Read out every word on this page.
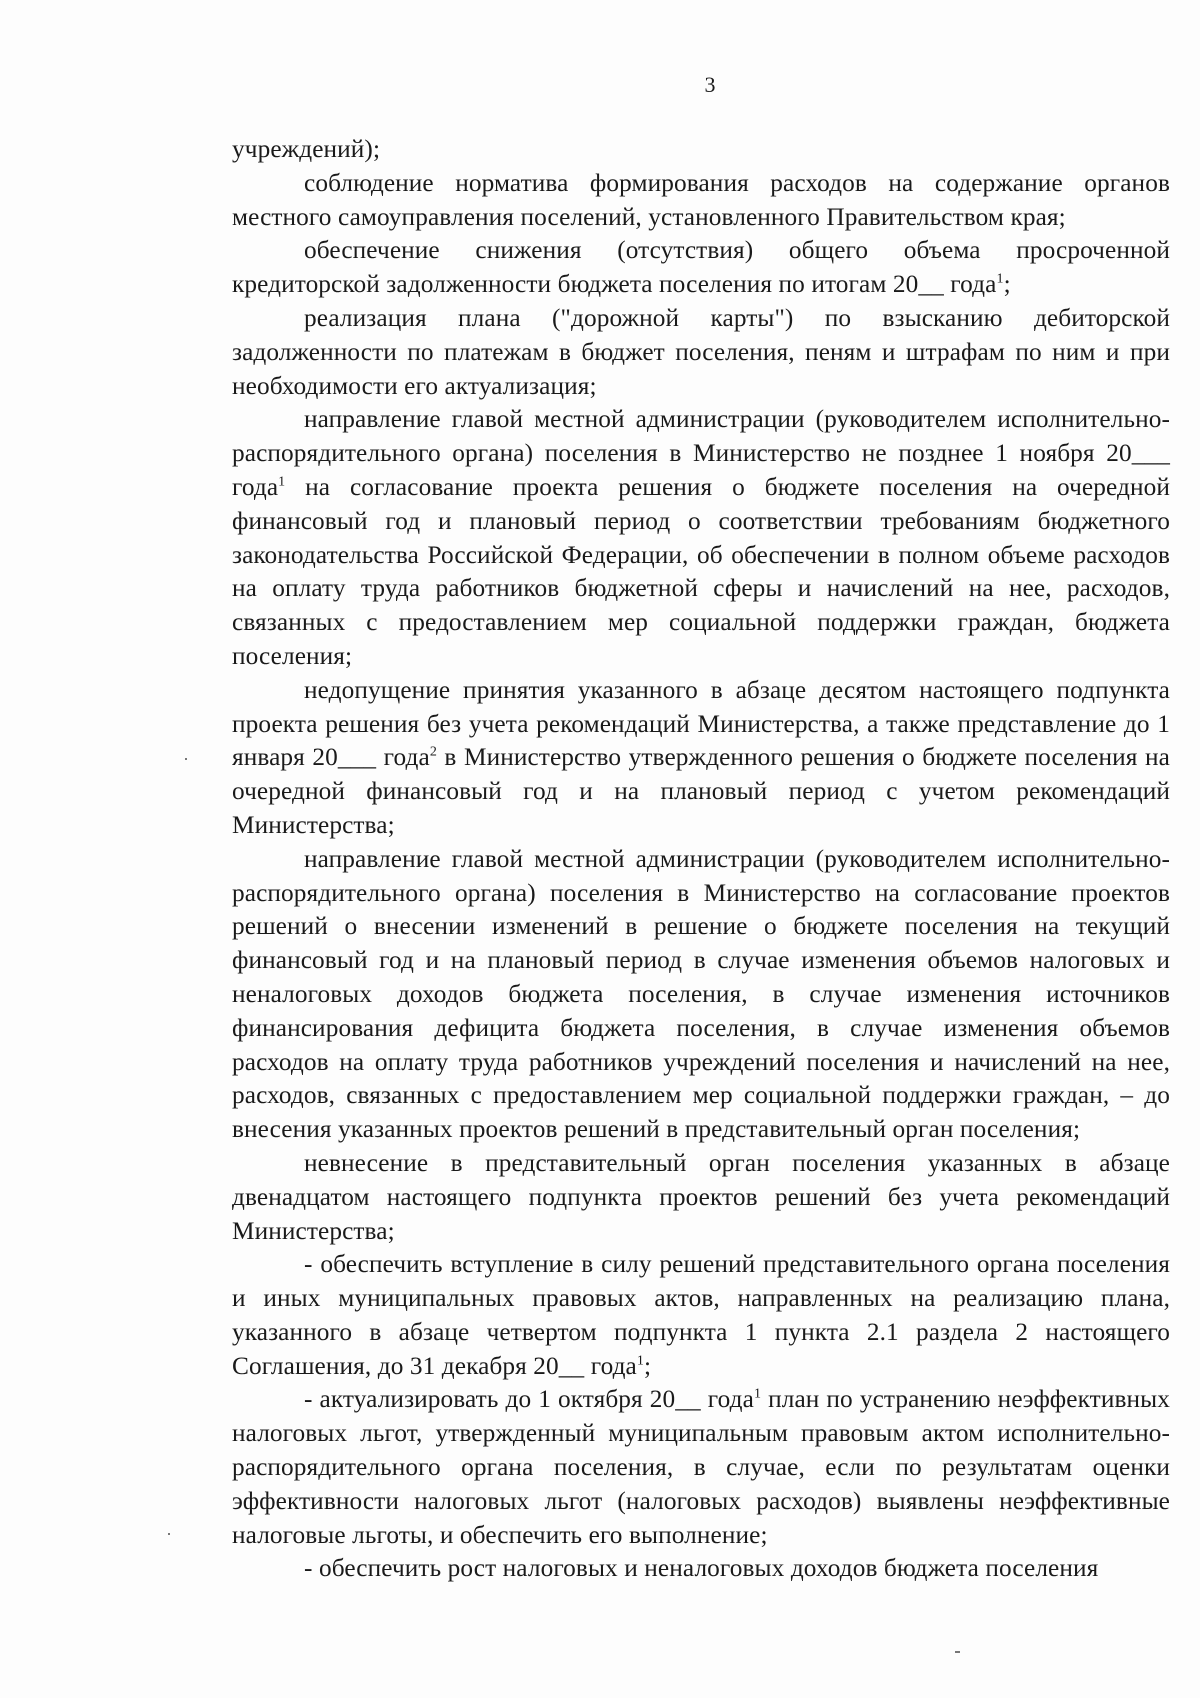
3

учреждений);

соблюдение норматива формирования расходов на содержание органов местного самоуправления поселений, установленного Правительством края;

обеспечение снижения (отсутствия) общего объема просроченной кредиторской задолженности бюджета поселения по итогам 20__ года$^1$;

реализация плана ("дорожной карты") по взысканию дебиторской задолженности по платежам в бюджет поселения, пеням и штрафам по ним и при необходимости его актуализация;

направление главой местной администрации (руководителем исполнительно-распорядительного органа) поселения в Министерство не позднее 1 ноября 20___ года$^1$ на согласование проекта решения о бюджете поселения на очередной финансовый год и плановый период о соответствии требованиям бюджетного законодательства Российской Федерации, об обеспечении в полном объеме расходов на оплату труда работников бюджетной сферы и начислений на нее, расходов, связанных с предоставлением мер социальной поддержки граждан, бюджета поселения;

недопущение принятия указанного в абзаце десятом настоящего подпункта проекта решения без учета рекомендаций Министерства, а также представление до 1 января 20___ года$^2$ в Министерство утвержденного решения о бюджете поселения на очередной финансовый год и на плановый период с учетом рекомендаций Министерства;

направление главой местной администрации (руководителем исполнительно-распорядительного органа) поселения в Министерство на согласование проектов решений о внесении изменений в решение о бюджете поселения на текущий финансовый год и на плановый период в случае изменения объемов налоговых и неналоговых доходов бюджета поселения, в случае изменения источников финансирования дефицита бюджета поселения, в случае изменения объемов расходов на оплату труда работников учреждений поселения и начислений на нее, расходов, связанных с предоставлением мер социальной поддержки граждан, – до внесения указанных проектов решений в представительный орган поселения;

невнесение в представительный орган поселения указанных в абзаце двенадцатом настоящего подпункта проектов решений без учета рекомендаций Министерства;

- обеспечить вступление в силу решений представительного органа поселения и иных муниципальных правовых актов, направленных на реализацию плана, указанного в абзаце четвертом подпункта 1 пункта 2.1 раздела 2 настоящего Соглашения, до 31 декабря 20__ года$^1$;

- актуализировать до 1 октября 20__ года$^1$ план по устранению неэффективных налоговых льгот, утвержденный муниципальным правовым актом исполнительно-распорядительного органа поселения, в случае, если по результатам оценки эффективности налоговых льгот (налоговых расходов) выявлены неэффективные налоговые льготы, и обеспечить его выполнение;

- обеспечить рост налоговых и неналоговых доходов бюджета поселения
